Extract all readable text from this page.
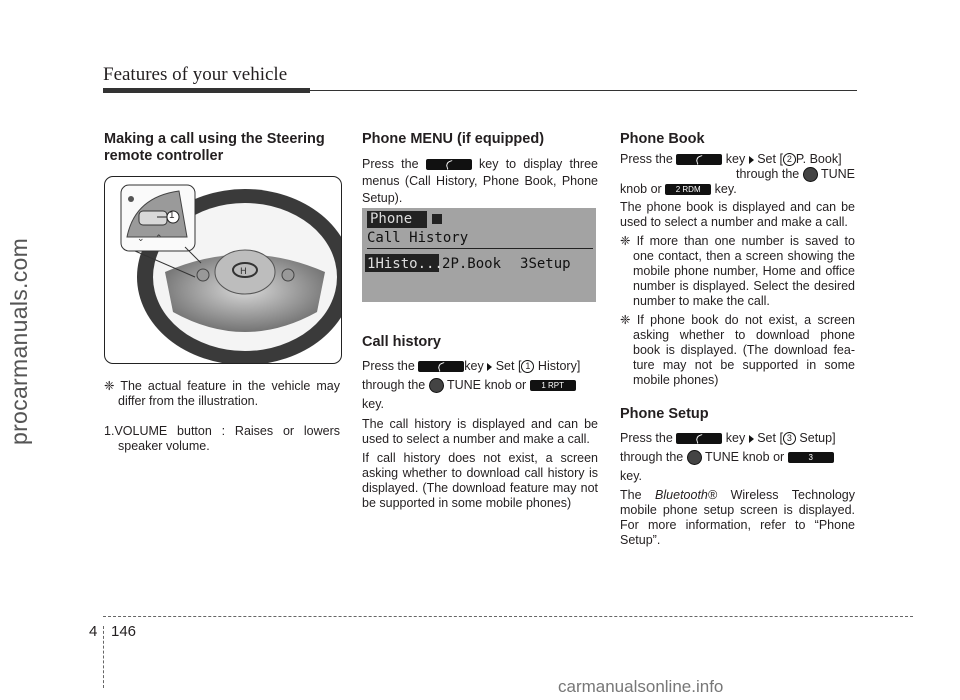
Features of your vehicle
procarmanuals.com
Making a call using the Steering remote controller
H
⌄ ⌃
1

❈ The actual feature in the vehicle may differ from the illustration.

1.VOLUME button : Raises or lowers speaker volume.

Phone MENU (if equipped)

Press the	key to display three menus (Call History, Phone Book, Phone Setup).

Phone
Call History
1Histo... 2P.Book 3Setup
Call history

Press the	key Set [ 1 History] through the TUNE knob or 1 RPT key.

The call history is displayed and can be used to select a number and make a call.

If call history does not exist, a screen asking whether to download call history is displayed. (The download feature may not be supported in some mobile phones)

Phone Book

Press the	key Set [ 2 P. Book]

through the TUNE

knob or 2 RDM key.

The phone book is displayed and can be used to select a number and make a call.

❈ If more than one number is saved to one contact, then a screen showing the mobile phone number, Home and office number is displayed. Select the desired number to make the call.

❈ If phone book do not exist, a screen asking whether to download phone book is displayed. (The download fea-ture may not be supported in some mobile phones)

Phone Setup

Press the	key Set [ 3 Setup] through the TUNE knob or	3 key.

The Bluetooth® Wireless Technology mobile phone setup screen is displayed. For more information, refer to “Phone Setup”.

4 146
carmanualsonline.info
